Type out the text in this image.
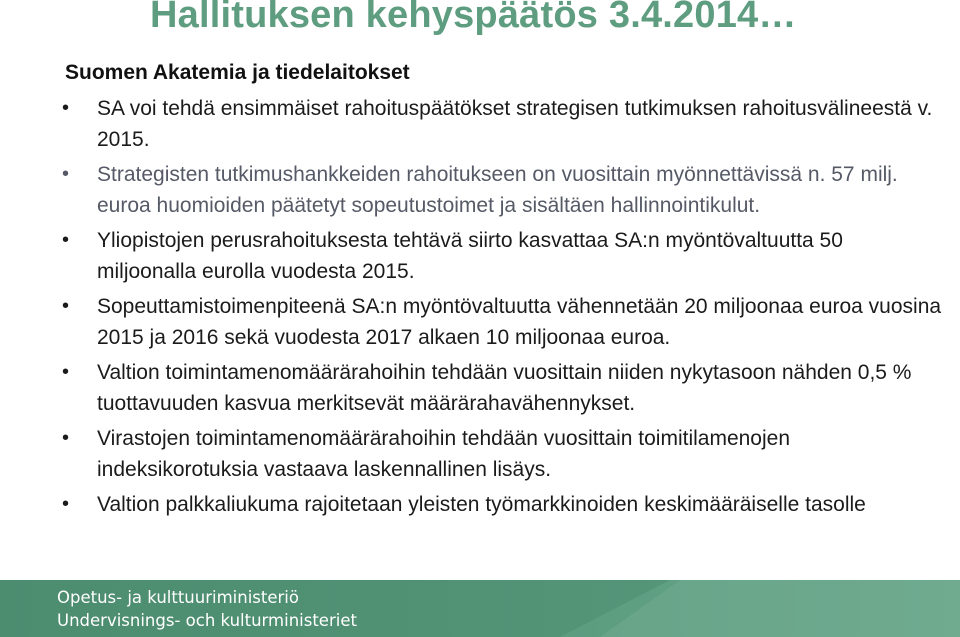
Hallituksen kehyspäätös 3.4.2014…
Suomen Akatemia ja tiedelaitokset
• SA voi tehdä ensimmäiset rahoituspäätökset strategisen tutkimuksen rahoitusvälineestä v. 2015.
• Strategisten tutkimushankkeiden rahoitukseen on vuosittain myönnettävissä n. 57 milj. euroa huomioiden päätetyt sopeutustoimet ja sisältäen hallinnointikulut.
• Yliopistojen perusrahoituksesta tehtävä siirto kasvattaa SA:n myöntövaltuutta 50 miljoonalla eurolla vuodesta 2015.
• Sopeuttamistoimenpiteenä SA:n myöntövaltuutta vähennetään 20 miljoonaa euroa vuosina 2015 ja 2016 sekä vuodesta 2017 alkaen 10 miljoonaa euroa.
• Valtion toimintamenomäärärahoihin tehdään vuosittain niiden nykytasoon nähden 0,5 % tuottavuuden kasvua merkitsevät määrärahavähennykset.
• Virastojen toimintamenomäärärahoihin tehdään vuosittain toimitilamenojen indeksikorotuksia vastaava laskennallinen lisäys.
• Valtion palkkaliukuma rajoitetaan yleisten työmarkkinoiden keskimääräiselle tasolle
Opetus- ja kulttuuriministeriö
Undervisnings- och kulturministeriet
